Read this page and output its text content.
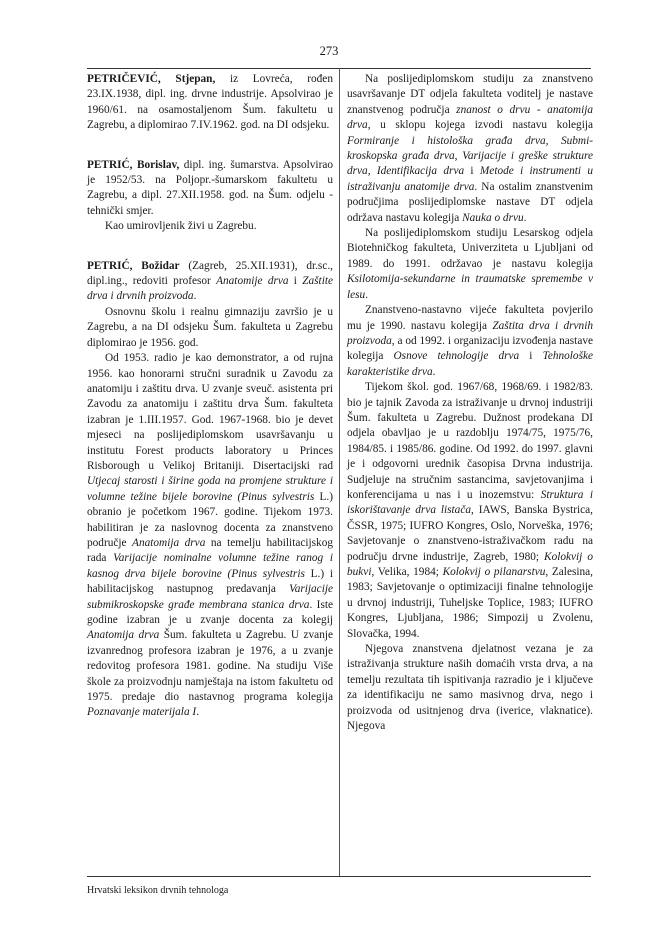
273

PETRIČEVIĆ, Stjepan, iz Lovreća, rođen 23.IX.1938, dipl. ing. drvne industrije. Apsolvirao je 1960/61. na osamostaljenom Šum. fakultetu u Zagrebu, a diplomirao 7.IV.1962. god. na DI odsjeku.

PETRIĆ, Borislav, dipl. ing. šumarstva. Apsolvirao je 1952/53. na Poljopr.-šumarskom fakultetu u Zagrebu, a dipl. 27.XII.1958. god. na Šum. odjelu - tehnički smjer.

Kao umirovljenik živi u Zagrebu.

PETRIĆ, Božidar (Zagreb, 25.XII.1931), dr.sc., dipl.ing., redoviti profesor Anatomije drva i Zaštite drva i drvnih proizvoda.

Osnovnu školu i realnu gimnaziju završio je u Zagrebu, a na DI odsjeku Šum. fakulteta u Zagrebu diplomirao je 1956. god.

Od 1953. radio je kao demonstrator, a od rujna 1956. kao honorarni stručni suradnik u Zavodu za anatomiju i zaštitu drva. U zvanje sveuč. asistenta pri Zavodu za anatomiju i zaštitu drva Šum. fakulteta izabran je 1.III.1957. God. 1967-1968. bio je devet mjeseci na poslijediplomskom usavršavanju u institutu Forest products laboratory u Princes Risborough u Velikoj Britaniji. Disertacijski rad Utjecaj starosti i širine goda na promjene strukture i volumne težine bijele borovine (Pinus sylvestris L.) obranio je početkom 1967. godine. Tijekom 1973. habilitiran je za naslovnog docenta za znanstveno područje Anatomija drva na temelju habilitacijskog rada Varijacije nominalne volumne težine ranog i kasnog drva bijele borovine (Pinus sylvestris L.) i habilitacijskog nastupnog predavanja Varijacije submikroskopske građe membrana stanica drva. Iste godine izabran je u zvanje docenta za kolegij Anatomija drva Šum. fakulteta u Zagrebu. U zvanje izvanrednog profesora izabran je 1976, a u zvanje redovitog profesora 1981. godine. Na studiju Više škole za proizvodnju namještaja na istom fakultetu od 1975. predaje dio nastavnog programa kolegija Poznavanje materijala I.

Na poslijediplomskom studiju za znanstveno usavršavanje DT odjela fakulteta voditelj je nastave znanstvenog područja znanost o drvu - anatomija drva, u sklopu kojega izvodi nastavu kolegija Formiranje i histološka građa drva, Submi-kroskopska građa drva, Varijacije i greške strukture drva, Identifikacija drva i Metode i instrumenti u istraživanju anatomije drva. Na ostalim znanstvenim područjima poslijediplomske nastave DT odjela održava nastavu kolegija Nauka o drvu.

Na poslijediplomskom studiju Lesarskog odjela Biotehničkog fakulteta, Univerziteta u Ljubljani od 1989. do 1991. održavao je nastavu kolegija Ksilotomija-sekundarne in traumatske spremembe v lesu.

Znanstveno-nastavno vijeće fakulteta povjerilo mu je 1990. nastavu kolegija Zaštita drva i drvnih proizvoda, a od 1992. i organizaciju izvođenja nastave kolegija Osnove tehnologije drva i Tehnološke karakteristike drva.

Tijekom škol. god. 1967/68, 1968/69. i 1982/83. bio je tajnik Zavoda za istraživanje u drvnoj industriji Šum. fakulteta u Zagrebu. Dužnost prodekana DI odjela obavljao je u razdoblju 1974/75, 1975/76, 1984/85. i 1985/86. godine. Od 1992. do 1997. glavni je i odgovorni urednik časopisa Drvna industrija. Sudjeluje na stručnim sastancima, savjetovanjima i konferencijama u nas i u inozemstvu: Struktura i iskorištavanje drva listača, IAWS, Banska Bystrica, ČSSR, 1975; IUFRO Kongres, Oslo, Norveška, 1976; Savjetovanje o znanstveno-istraživačkom radu na području drvne industrije, Zagreb, 1980; Kolokvij o bukvi, Velika, 1984; Kolokvij o pilanarstvu, Zalesina, 1983; Savjetovanje o optimizaciji finalne tehnologije u drvnoj industriji, Tuheljske Toplice, 1983; IUFRO Kongres, Ljubljana, 1986; Simpozij u Zvolenu, Slovačka, 1994.

Njegova znanstvena djelatnost vezana je za istraživanja strukture naših domaćih vrsta drva, a na temelju rezultata tih ispitivanja razradio je i ključeve za identifikaciju ne samo masivnog drva, nego i proizvoda od usitnjenog drva (iverice, vlaknatice). Njegova

Hrvatski leksikon drvnih tehnologa
